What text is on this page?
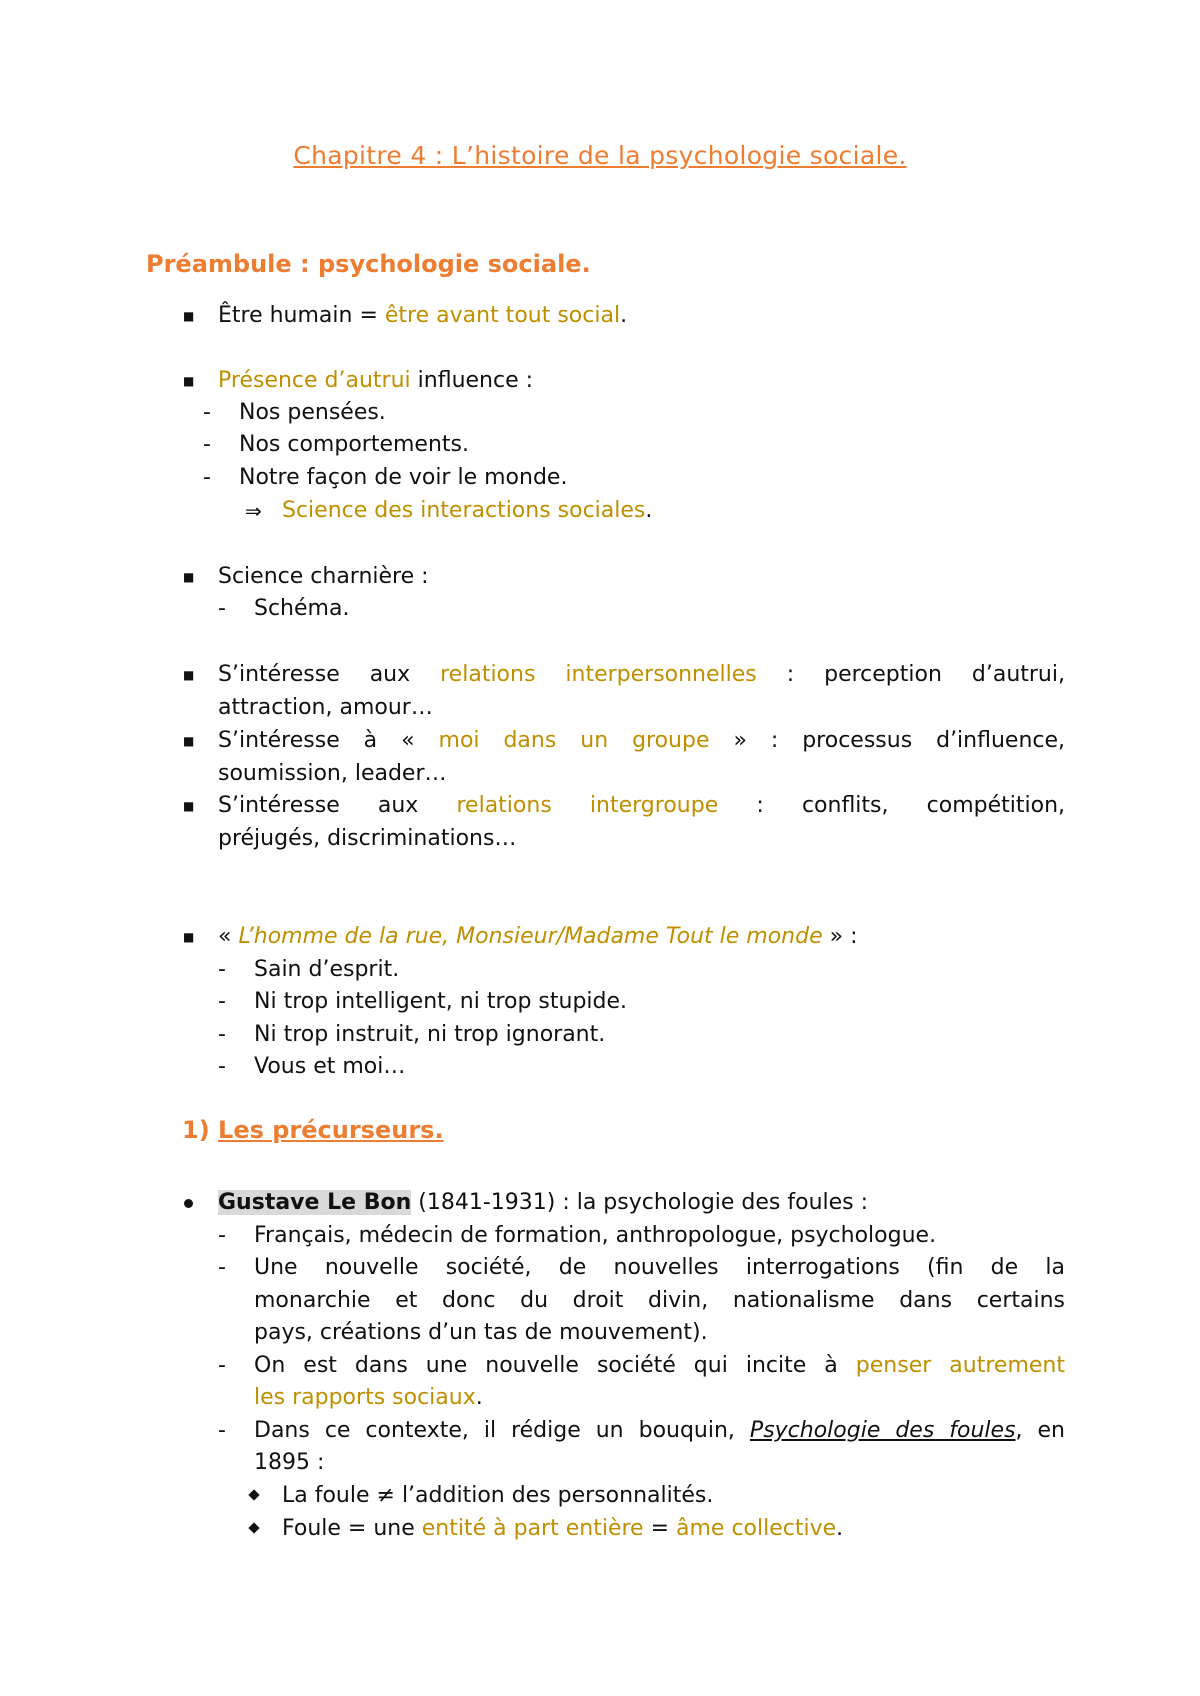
Chapitre 4 : L’histoire de la psychologie sociale.
Préambule : psychologie sociale.
■ Être humain = être avant tout social.
■ Présence d’autrui influence :
- Nos pensées.
- Nos comportements.
- Notre façon de voir le monde.
⇒ Science des interactions sociales.
■ Science charnière :
- Schéma.
■ S’intéresse aux relations interpersonnelles : perception d’autrui,
attraction, amour…
■ S’intéresse à « moi dans un groupe » : processus d’influence,
soumission, leader…
■ S’intéresse aux relations intergroupe : conflits, compétition,
préjugés, discriminations…
■ « L’homme de la rue, Monsieur/Madame Tout le monde » :
- Sain d’esprit.
- Ni trop intelligent, ni trop stupide.
- Ni trop instruit, ni trop ignorant.
- Vous et moi…
1) Les précurseurs.
Gustave Le Bon (1841-1931) : la psychologie des foules :
- Français, médecin de formation, anthropologue, psychologue.
- Une nouvelle société, de nouvelles interrogations (fin de la
monarchie et donc du droit divin, nationalisme dans certains
pays, créations d’un tas de mouvement).
- On est dans une nouvelle société qui incite à penser autrement
les rapports sociaux.
- Dans ce contexte, il rédige un bouquin, Psychologie des foules, en
1895 :
La foule ≠ l’addition des personnalités.
Foule = une entité à part entière = âme collective.
